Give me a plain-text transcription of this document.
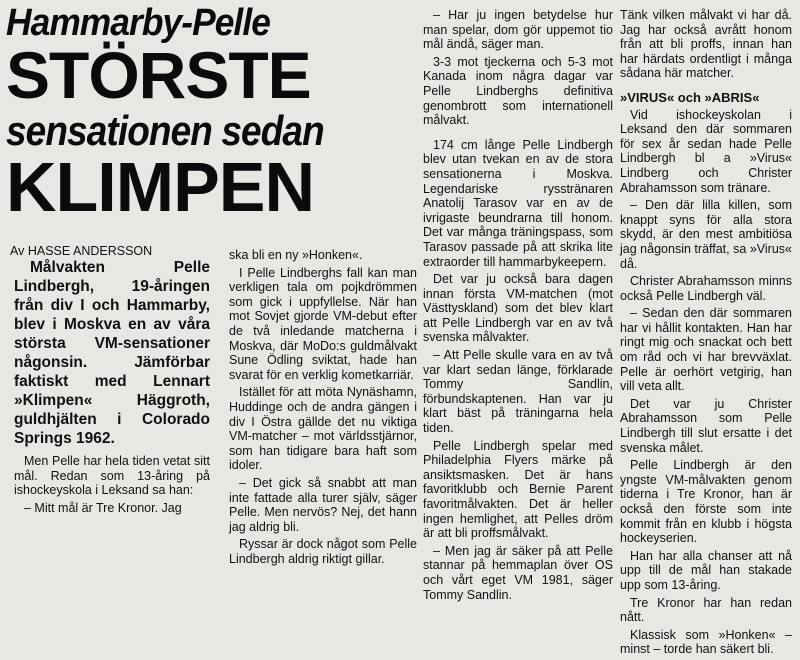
Hammarby-Pelle
STÖRSTE
sensationen sedan
KLIMPEN
Av HASSE ANDERSSON

Målvakten Pelle Lindbergh, 19-åringen från div I och Hammarby, blev i Moskva en av våra största VM-sensationer någonsin. Jämförbar faktiskt med Lennart »Klimpen« Häggroth, guldhjälten i Colorado Springs 1962.

Men Pelle har hela tiden vetat sitt mål. Redan som 13-åring på ishockeyskola i Leksand sa han:

– Mitt mål är Tre Kronor. Jag

ska bli en ny »Honken«.

I Pelle Lindberghs fall kan man verkligen tala om pojkdrömmen som gick i uppfyllelse. När han mot Sovjet gjorde VM-debut efter de två inledande matcherna i Moskva, där MoDo:s guldmålvakt Sune Ödling sviktat, hade han svarat för en verklig kometkarriär.

Istället för att möta Nynäshamn, Huddinge och de andra gängen i div I Östra gällde det nu viktiga VM-matcher – mot världsstjärnor, som han tidigare bara haft som idoler.

– Det gick så snabbt att man inte fattade alla turer själv, säger Pelle. Men nervös? Nej, det hann jag aldrig bli.

Ryssar är dock något som Pelle Lindbergh aldrig riktigt gillar.

– Har ju ingen betydelse hur man spelar, dom gör uppemot tio mål ändå, säger man.

3-3 mot tjeckerna och 5-3 mot Kanada inom några dagar var Pelle Lindberghs definitiva genombrott som internationell målvakt.

174 cm långe Pelle Lindbergh blev utan tvekan en av de stora sensationerna i Moskva. Legendariske rysstränaren Anatolij Tarasov var en av de ivrigaste beundrarna till honom. Det var många träningspass, som Tarasov passade på att skrika lite extraorder till hammarbykeepern.

Det var ju också bara dagen innan första VM-matchen (mot Västtyskland) som det blev klart att Pelle Lindbergh var en av två svenska målvakter.

– Att Pelle skulle vara en av två var klart sedan länge, förklarade Tommy Sandlin, förbundskaptenen. Han var ju klart bäst på träningarna hela tiden.

Pelle Lindbergh spelar med Philadelphia Flyers märke på ansiktsmasken. Det är hans favoritklubb och Bernie Parent favoritmålvakten. Det är heller ingen hemlighet, att Pelles dröm är att bli proffsmålvakt.

– Men jag är säker på att Pelle stannar på hemmaplan över OS och vårt eget VM 1981, säger Tommy Sandlin.

Tänk vilken målvakt vi har då. Jag har också avrått honom från att bli proffs, innan han har härdats ordentligt i många sådana här matcher.

»VIRUS« och »ABRIS«

Vid ishockeyskolan i Leksand den där sommaren för sex år sedan hade Pelle Lindbergh bl a »Virus« Lindberg och Christer Abrahamsson som tränare.

– Den där lilla killen, som knappt syns för alla stora skydd, är den mest ambitiösa jag någonsin träffat, sa »Virus« då.

Christer Abrahamsson minns också Pelle Lindbergh väl.

– Sedan den där sommaren har vi hållit kontakten. Han har ringt mig och snackat och bett om råd och vi har brevväxlat. Pelle är oerhört vetgirig, han vill veta allt.

Det var ju Christer Abrahamsson som Pelle Lindbergh till slut ersatte i det svenska målet.

Pelle Lindbergh är den yngste VM-målvakten genom tiderna i Tre Kronor, han är också den förste som inte kommit från en klubb i högsta hockeyserien.

Han har alla chanser att nå upp till de mål han stakade upp som 13-åring.

Tre Kronor har han redan nått.

Klassisk som »Honken« – minst – torde han säkert bli.
